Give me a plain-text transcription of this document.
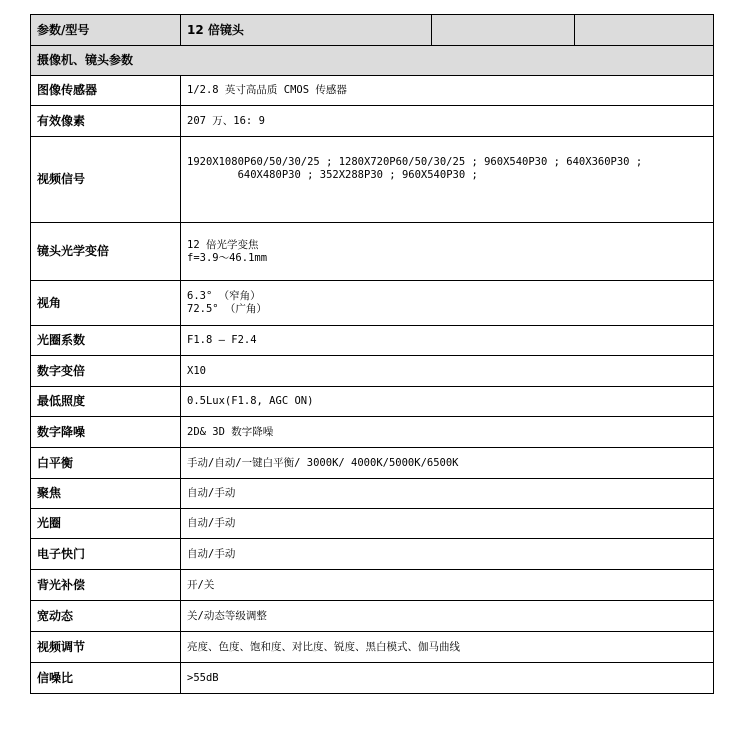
参数/型号	12 倍镜头		
摄像机、镜头参数			
图像传感器	1/2.8 英寸高品质 CMOS 传感器		
有效像素	207 万、16: 9		
视频信号	1920X1080P60/50/30/25 ; 1280X720P60/50/30/25 ; 960X540P30 ; 640X360P30 ;
640X480P30 ; 352X288P30 ; 960X540P30 ;		
镜头光学变倍	12 倍光学变焦
f=3.9～46.1mm		
视角	6.3° （窄角）
72.5° （广角）		
光圈系数	F1.8 – F2.4		
数字变倍	X10		
最低照度	0.5Lux(F1.8, AGC ON)		
数字降噪	2D& 3D 数字降噪		
白平衡	手动/自动/一键白平衡/ 3000K/ 4000K/5000K/6500K		
聚焦	自动/手动		
光圈	自动/手动		
电子快门	自动/手动		
背光补偿	开/关		
宽动态	关/动态等级调整		
视频调节	亮度、色度、饱和度、对比度、锐度、黑白模式、伽马曲线		
信噪比	>55dB		
